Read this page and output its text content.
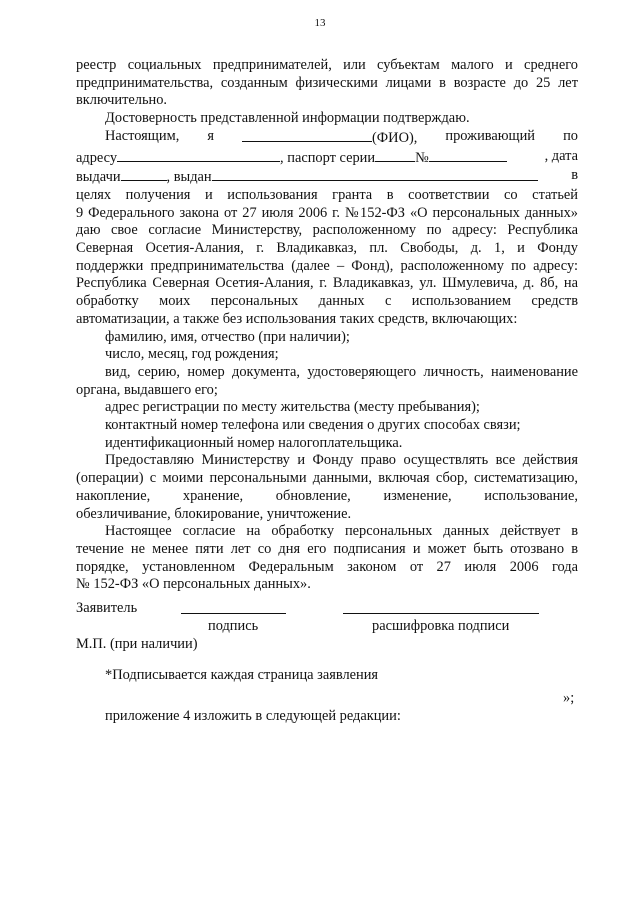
13

реестр социальных предпринимателей, или субъектам малого и среднего

предпринимательства, созданным физическими лицами в возрасте до 25 лет

включительно.

Достоверность представленной информации подтверждаю.

Настоящим, я	(ФИО), проживающий по
адресу	, паспорт серии	№	, дата
выдачи	, выдан	в

целях получения и использования гранта в соответствии со статьей

9 Федерального закона от 27 июля 2006 г. №152-ФЗ «О персональных данных»

даю свое согласие Министерству, расположенному по адресу: Республика

Северная Осетия-Алания, г. Владикавказ, пл. Свободы, д. 1, и Фонду

поддержки предпринимательства (далее – Фонд), расположенному по адресу:

Республика Северная Осетия-Алания, г. Владикавказ, ул. Шмулевича, д. 8б, на

обработку моих персональных данных с использованием средств

автоматизации, а также без использования таких средств, включающих:

фамилию, имя, отчество (при наличии);

число, месяц, год рождения;

вид, серию, номер документа, удостоверяющего личность, наименование

органа, выдавшего его;

адрес регистрации по месту жительства (месту пребывания);

контактный номер телефона или сведения о других способах связи;

идентификационный номер налогоплательщика.

Предоставляю Министерству и Фонду право осуществлять все действия

(операции) с моими персональными данными, включая сбор, систематизацию,

накопление, хранение, обновление, изменение, использование,

обезличивание, блокирование, уничтожение.

Настоящее согласие на обработку персональных данных действует в

течение не менее пяти лет со дня его подписания и может быть отозвано в

порядке, установленном Федеральным законом от 27 июля 2006 года

№ 152-ФЗ «О персональных данных».

Заявитель
подпись	расшифровка подписи
М.П. (при наличии)
*Подписывается каждая страница заявления
»;
приложение 4 изложить в следующей редакции:
